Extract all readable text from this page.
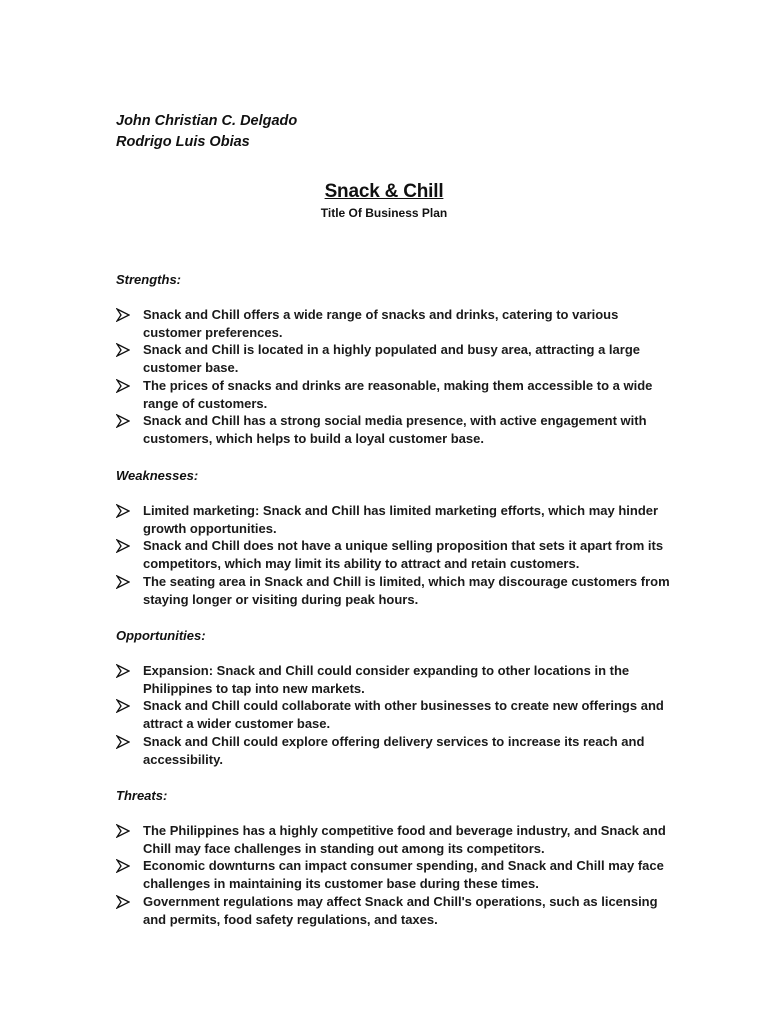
John Christian C. Delgado
Rodrigo Luis Obias
Snack & Chill
Title Of Business Plan
Strengths:
Snack and Chill offers a wide range of snacks and drinks, catering to various customer preferences.
Snack and Chill is located in a highly populated and busy area, attracting a large customer base.
The prices of snacks and drinks are reasonable, making them accessible to a wide range of customers.
Snack and Chill has a strong social media presence, with active engagement with customers, which helps to build a loyal customer base.
Weaknesses:
Limited marketing: Snack and Chill has limited marketing efforts, which may hinder growth opportunities.
Snack and Chill does not have a unique selling proposition that sets it apart from its competitors, which may limit its ability to attract and retain customers.
The seating area in Snack and Chill is limited, which may discourage customers from staying longer or visiting during peak hours.
Opportunities:
Expansion: Snack and Chill could consider expanding to other locations in the Philippines to tap into new markets.
Snack and Chill could collaborate with other businesses to create new offerings and attract a wider customer base.
Snack and Chill could explore offering delivery services to increase its reach and accessibility.
Threats:
The Philippines has a highly competitive food and beverage industry, and Snack and Chill may face challenges in standing out among its competitors.
Economic downturns can impact consumer spending, and Snack and Chill may face challenges in maintaining its customer base during these times.
Government regulations may affect Snack and Chill's operations, such as licensing and permits, food safety regulations, and taxes.
